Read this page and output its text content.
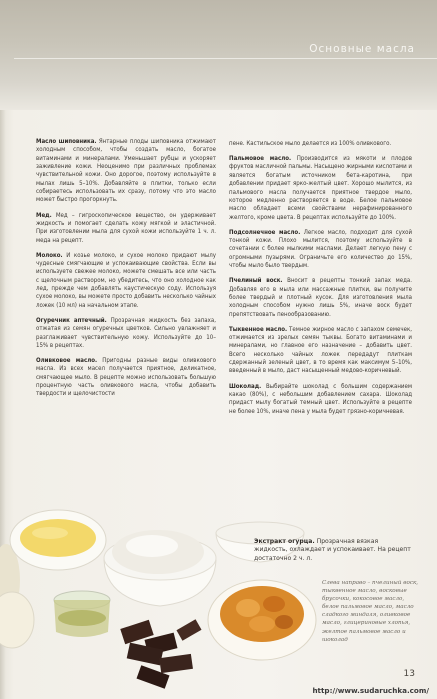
Основные масла

Масло шиповника. Янтарные плоды шиповника отжимают холодным способом, чтобы создать масло, богатое витаминами и минералами. Уменьшает рубцы и ускоряет заживление кожи. Неоценимо при различных проблемах чувствительной кожи. Оно дорогое, поэтому используйте в мылах лишь 5–10%. Добавляйте в плитки, только если собираетесь использовать их сразу, потому что это масло может быстро прогоркнуть.

Мед. Мед – гигроскопическое вещество, он удерживает жидкость и помогает сделать кожу мягкой и эластичной. При изготовлении мыла для сухой кожи используйте 1 ч. л. меда на рецепт.

Молоко. И козье молоко, и сухое молоко придают мылу чудесные смягчающие и успокаивающие свойства. Если вы используете свежее молоко, можете смешать все или часть с щелочным раствором, но убедитесь, что оно холодное как лед, прежде чем добавлять каустическую соду. Используя сухое молоко, вы можете просто добавить несколько чайных ложек (10 мл) на начальном этапе.

Огуречник аптечный. Прозрачная жидкость без запаха, отжатая из семян огуречных цветков. Сильно увлажняет и разглаживает чувствительную кожу. Используйте до 10–15% в рецептах.

Оливковое масло. Пригодны разные виды оливкового масла. Из всех масел получается приятное, деликатное, смягчающее мыло. В рецепте можно использовать большую процентную часть оливкового масла, чтобы добавить твердости и щелочистости

пене. Кастильское мыло делается из 100% оливкового.

Пальмовое масло. Производится из мякоти и плодов фруктов масличной пальмы. Насыщено жирными кислотами и является богатым источником бета-каротина, при добавлении придает ярко-желтый цвет. Хорошо мылится, из пальмового масла получается приятное твердое мыло, которое медленно растворяется в воде. Белое пальмовое масло обладает всеми свойствами нерафинированного желтого, кроме цвета. В рецептах используйте до 100%.

Подсолнечное масло. Легкое масло, подходит для сухой тонкой кожи. Плохо мылится, поэтому используйте в сочетании с более мылкими маслами. Делает легкую пену с огромными пузырями. Ограничьте его количество до 15%, чтобы мыло было твердым.

Пчелиный воск. Вносит в рецепты тонкий запах меда. Добавляя его в мыла или массажные плитки, вы получите более твердый и плотный кусок. Для изготовления мыла холодным способом нужно лишь 5%, иначе воск будет препятствовать пенообразованию.

Тыквенное масло. Темное жирное масло с запахом семечек, отжимается из зрелых семян тыквы. Богато витаминами и минералами, но главное его назначение – добавить цвет. Всего несколько чайных ложек передадут плиткам сдержанный зеленый цвет, в то время как максимум 5–10%, введенный в мыло, даст насыщенный медово-коричневый.

Шоколад. Выбирайте шоколад с большим содержанием какао (80%), с небольшим добавлением сахара. Шоколад придаст мылу богатый темный цвет. Используйте в рецепте не более 10%, иначе пена у мыла будет грязно-коричневая.

Экстракт огурца. Прозрачная вязкая жидкость, охлаждает и успокаивает. На рецепт достаточно 2 ч. л.
Слева направо – пчелиный воск, тыквенное масло, восковые брусочки, кокосовое масло, белое пальмовое масло, масло сладкого миндаля, оливковое масло, глицериновые хлопья, желтое пальмовое масло и шоколад
13
http://www.sudaruchka.com/
